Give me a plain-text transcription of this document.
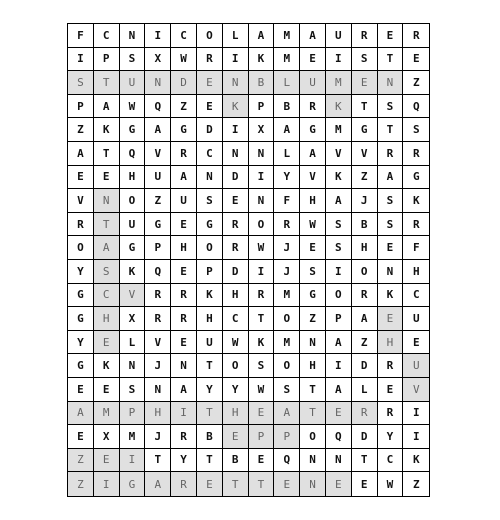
F	C	N	I	C	O	L	A	M	A	U	R	E	R
I	P	S	X	W	R	I	K	M	E	I	S	T	E
S	T	U	N	D	E	N	B	L	U	M	E	N	Z
P	A	W	Q	Z	E	K	P	B	R	K	T	S	Q
Z	K	G	A	G	D	I	X	A	G	M	G	T	S
A	T	Q	V	R	C	N	N	L	A	V	V	R	R
E	E	H	U	A	N	D	I	Y	V	K	Z	A	G
V	N	O	Z	U	S	E	N	F	H	A	J	S	K
R	T	U	G	E	G	R	O	R	W	S	B	S	R
O	A	G	P	H	O	R	W	J	E	S	H	E	F
Y	S	K	Q	E	P	D	I	J	S	I	O	N	H
G	C	V	R	R	K	H	R	M	G	O	R	K	C
G	H	X	R	R	H	C	T	O	Z	P	A	E	U
Y	E	L	V	E	U	W	K	M	N	A	Z	H	E
G	K	N	J	N	T	O	S	O	H	I	D	R	U
E	E	S	N	A	Y	Y	W	S	T	A	L	E	V
A	M	P	H	I	T	H	E	A	T	E	R	R	I
E	X	M	J	R	B	E	P	P	O	Q	D	Y	I
Z	E	I	T	Y	T	B	E	Q	N	N	T	C	K
Z	I	G	A	R	E	T	T	E	N	E	E	W	Z
